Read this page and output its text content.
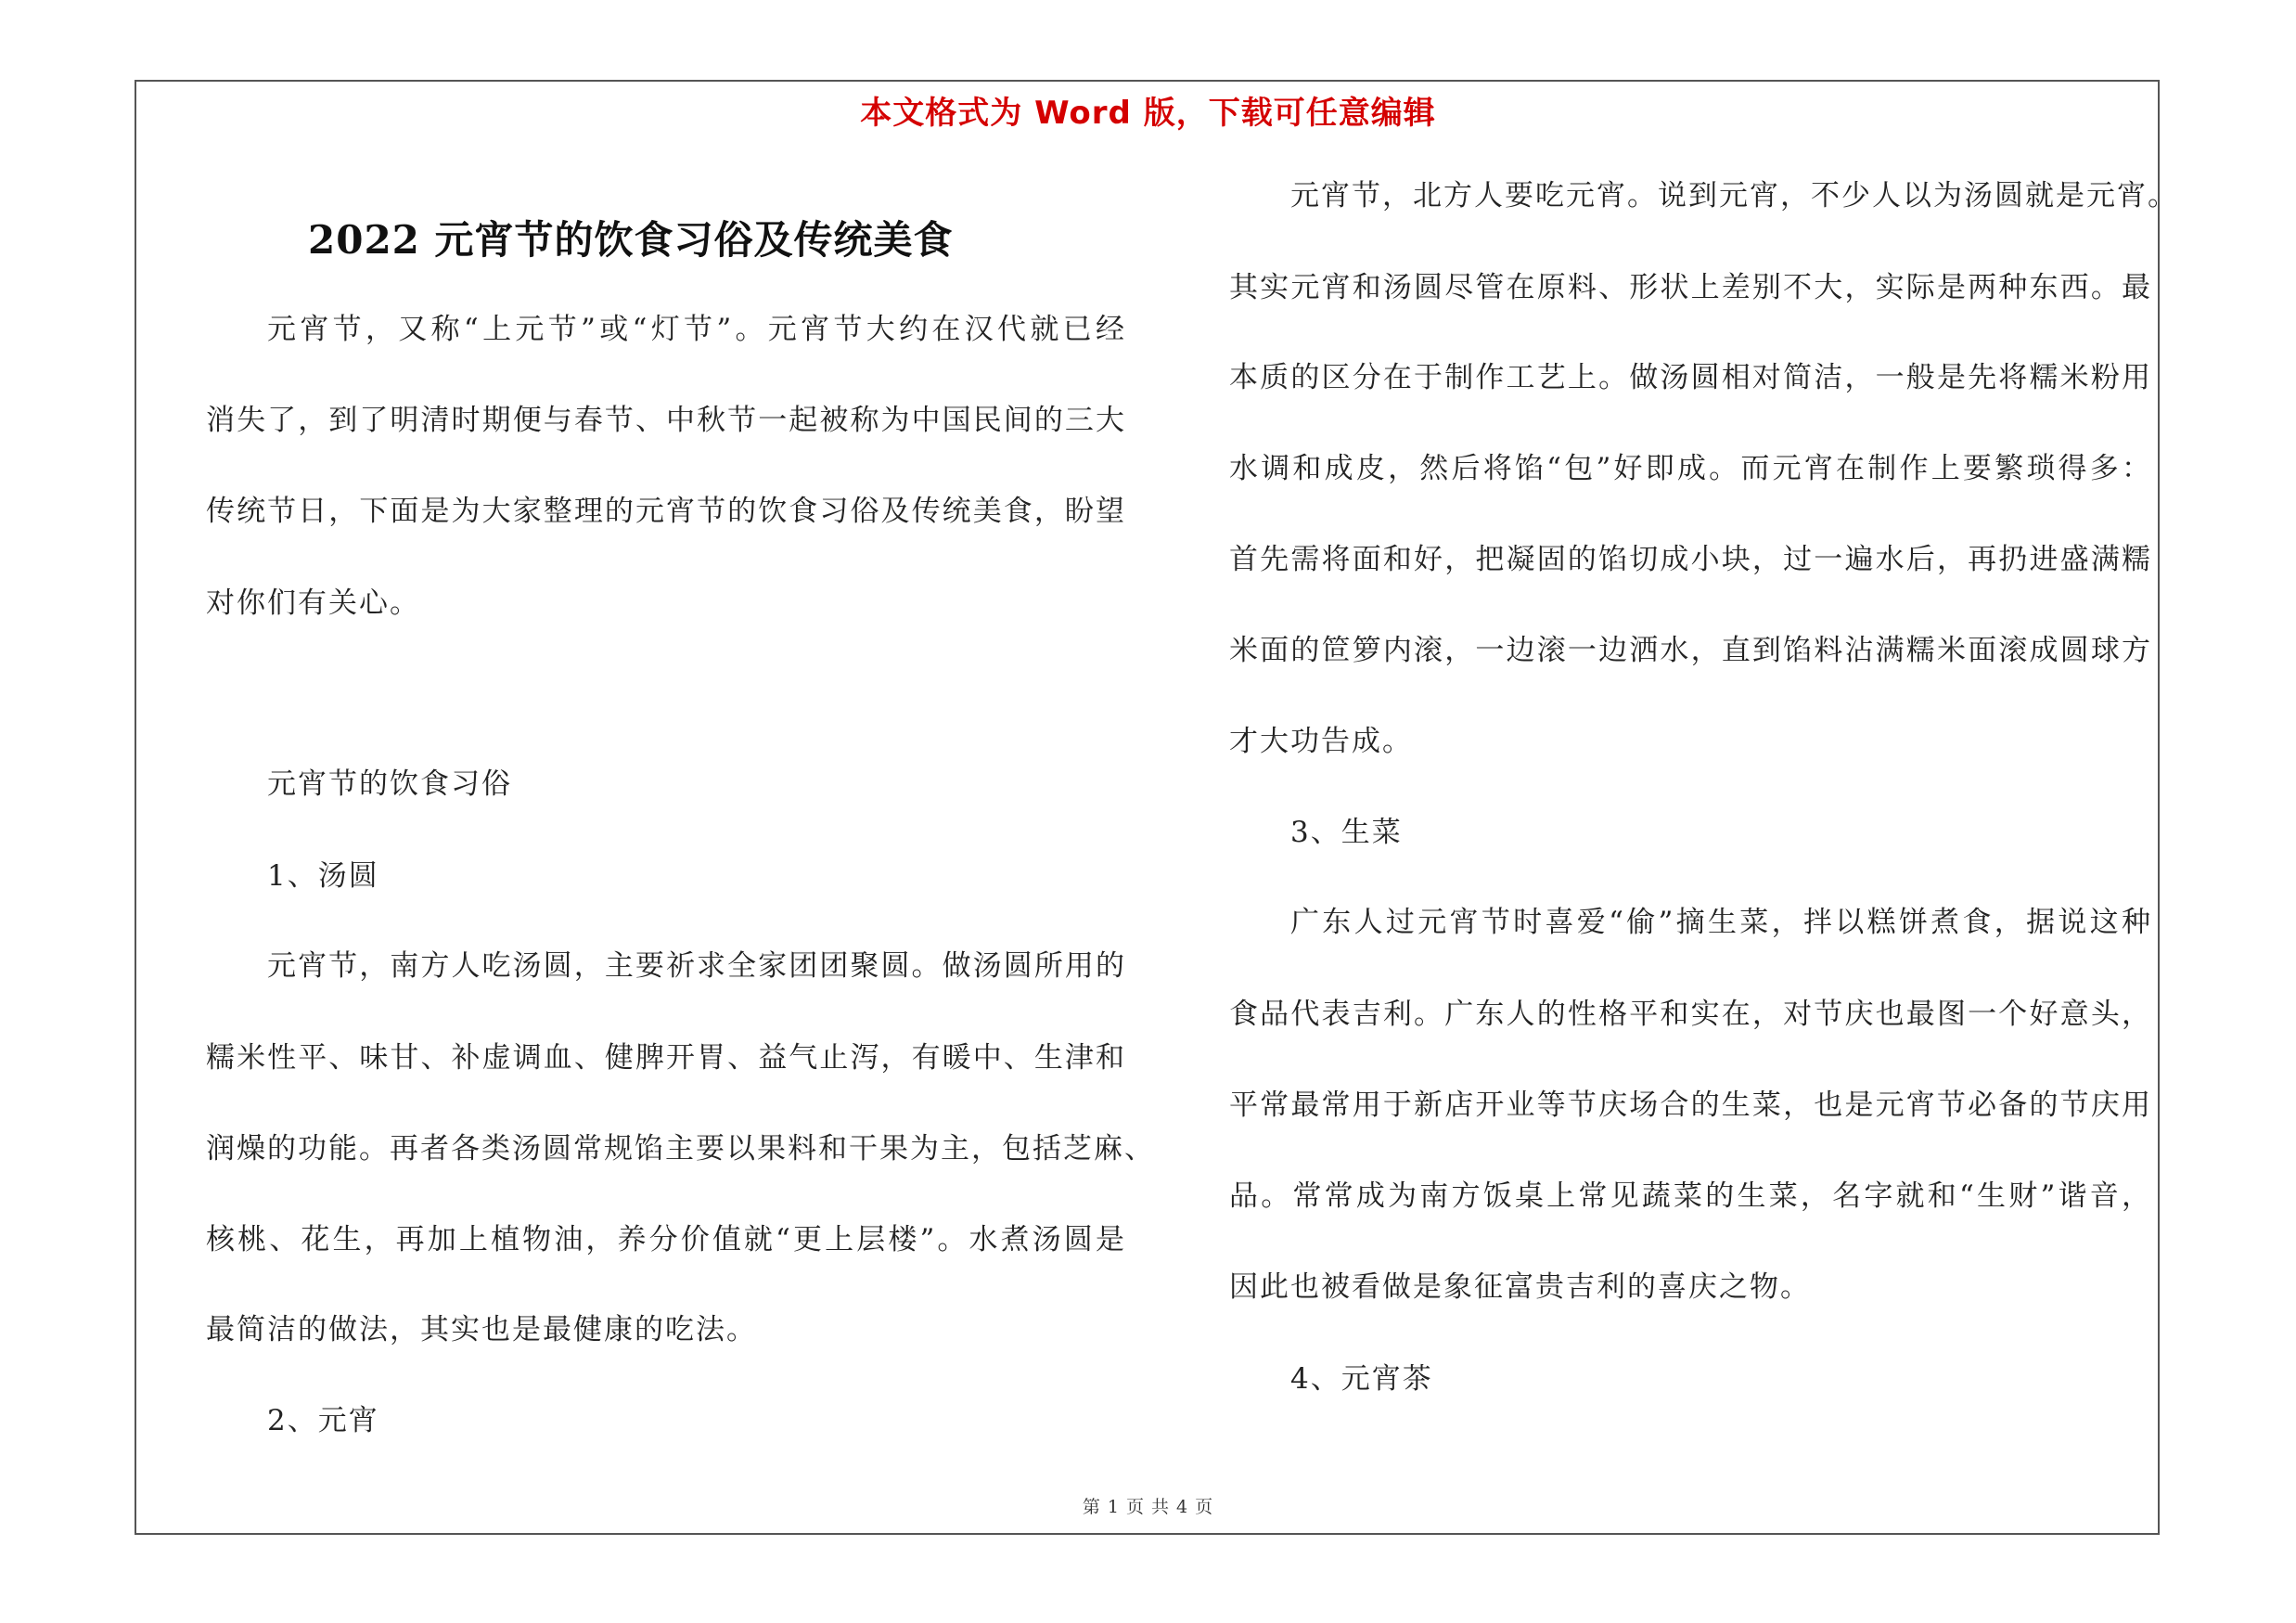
本文格式为 Word 版，下载可任意编辑
2022 元宵节的饮食习俗及传统美食
元宵节，又称“上元节”或“灯节”。元宵节大约在汉代就已经
消失了，到了明清时期便与春节、中秋节一起被称为中国民间的三大
传统节日，下面是为大家整理的元宵节的饮食习俗及传统美食，盼望
对你们有关心。
元宵节的饮食习俗
1、汤圆
元宵节，南方人吃汤圆，主要祈求全家团团聚圆。做汤圆所用的
糯米性平、味甘、补虚调血、健脾开胃、益气止泻，有暖中、生津和
润燥的功能。再者各类汤圆常规馅主要以果料和干果为主，包括芝麻、
核桃、花生，再加上植物油，养分价值就“更上层楼”。水煮汤圆是
最简洁的做法，其实也是最健康的吃法。
2、元宵
元宵节，北方人要吃元宵。说到元宵，不少人以为汤圆就是元宵。
其实元宵和汤圆尽管在原料、形状上差别不大，实际是两种东西。最
本质的区分在于制作工艺上。做汤圆相对简洁，一般是先将糯米粉用
水调和成皮，然后将馅“包”好即成。而元宵在制作上要繁琐得多：
首先需将面和好，把凝固的馅切成小块，过一遍水后，再扔进盛满糯
米面的笸箩内滚，一边滚一边洒水，直到馅料沾满糯米面滚成圆球方
才大功告成。
3、生菜
广东人过元宵节时喜爱“偷”摘生菜，拌以糕饼煮食，据说这种
食品代表吉利。广东人的性格平和实在，对节庆也最图一个好意头，
平常最常用于新店开业等节庆场合的生菜，也是元宵节必备的节庆用
品。常常成为南方饭桌上常见蔬菜的生菜，名字就和“生财”谐音，
因此也被看做是象征富贵吉利的喜庆之物。
4、元宵茶
第 1 页 共 4 页
